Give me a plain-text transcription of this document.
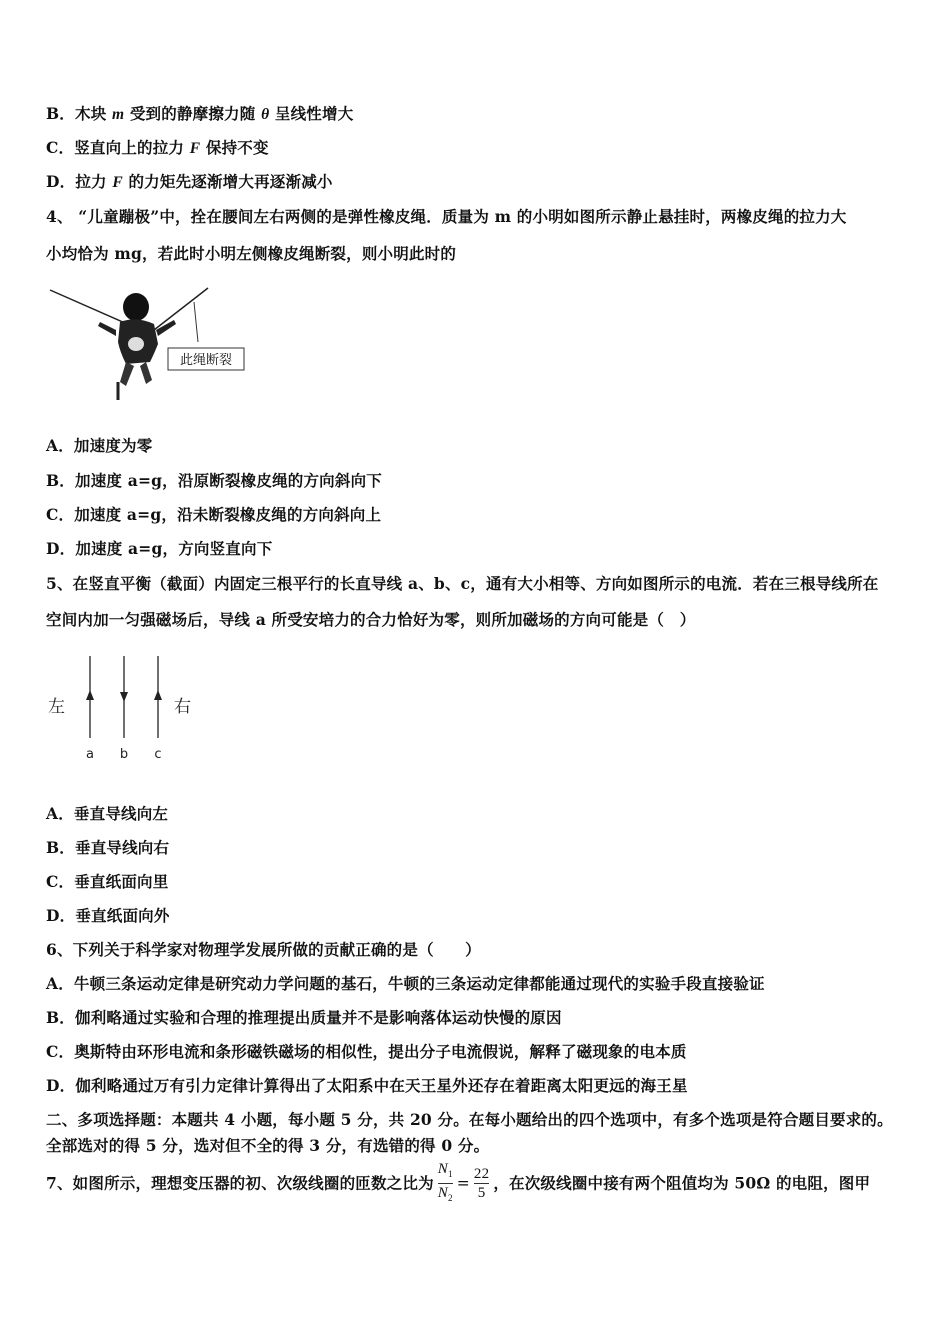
B．木块 m 受到的静摩擦力随 θ 呈线性增大
C．竖直向上的拉力 F 保持不变
D．拉力 F 的力矩先逐渐增大再逐渐减小
4、 “儿童蹦极”中，拴在腰间左右两侧的是弹性橡皮绳．质量为 m 的小明如图所示静止悬挂时，两橡皮绳的拉力大
小均恰为 mg，若此时小明左侧橡皮绳断裂，则小明此时的
此绳断裂
A．加速度为零
B．加速度 a=g，沿原断裂橡皮绳的方向斜向下
C．加速度 a=g，沿未断裂橡皮绳的方向斜向上
D．加速度 a=g，方向竖直向下
5、在竖直平衡（截面）内固定三根平行的长直导线 a、b、c，通有大小相等、方向如图所示的电流．若在三根导线所在
空间内加一匀强磁场后，导线 a 所受安培力的合力恰好为零，则所加磁场的方向可能是（　）
左	右
a b c
A．垂直导线向左
B．垂直导线向右
C．垂直纸面向里
D．垂直纸面向外
6、下列关于科学家对物理学发展所做的贡献正确的是（　　）
A．牛顿三条运动定律是研究动力学问题的基石，牛顿的三条运动定律都能通过现代的实验手段直接验证
B．伽利略通过实验和合理的推理提出质量并不是影响落体运动快慢的原因
C．奥斯特由环形电流和条形磁铁磁场的相似性，提出分子电流假说，解释了磁现象的电本质
D．伽利略通过万有引力定律计算得出了太阳系中在天王星外还存在着距离太阳更远的海王星
二、多项选择题：本题共 4 小题，每小题 5 分，共 20 分。在每小题给出的四个选项中，有多个选项是符合题目要求的。
全部选对的得 5 分，选对但不全的得 3 分，有选错的得 0 分。
7、如图所示，理想变压器的初、次级线圈的匝数之比为 $\frac{N_1}{N_2} = \frac{22}{5}$ ，在次级线圈中接有两个阻值均为 50Ω 的电阻，图甲
